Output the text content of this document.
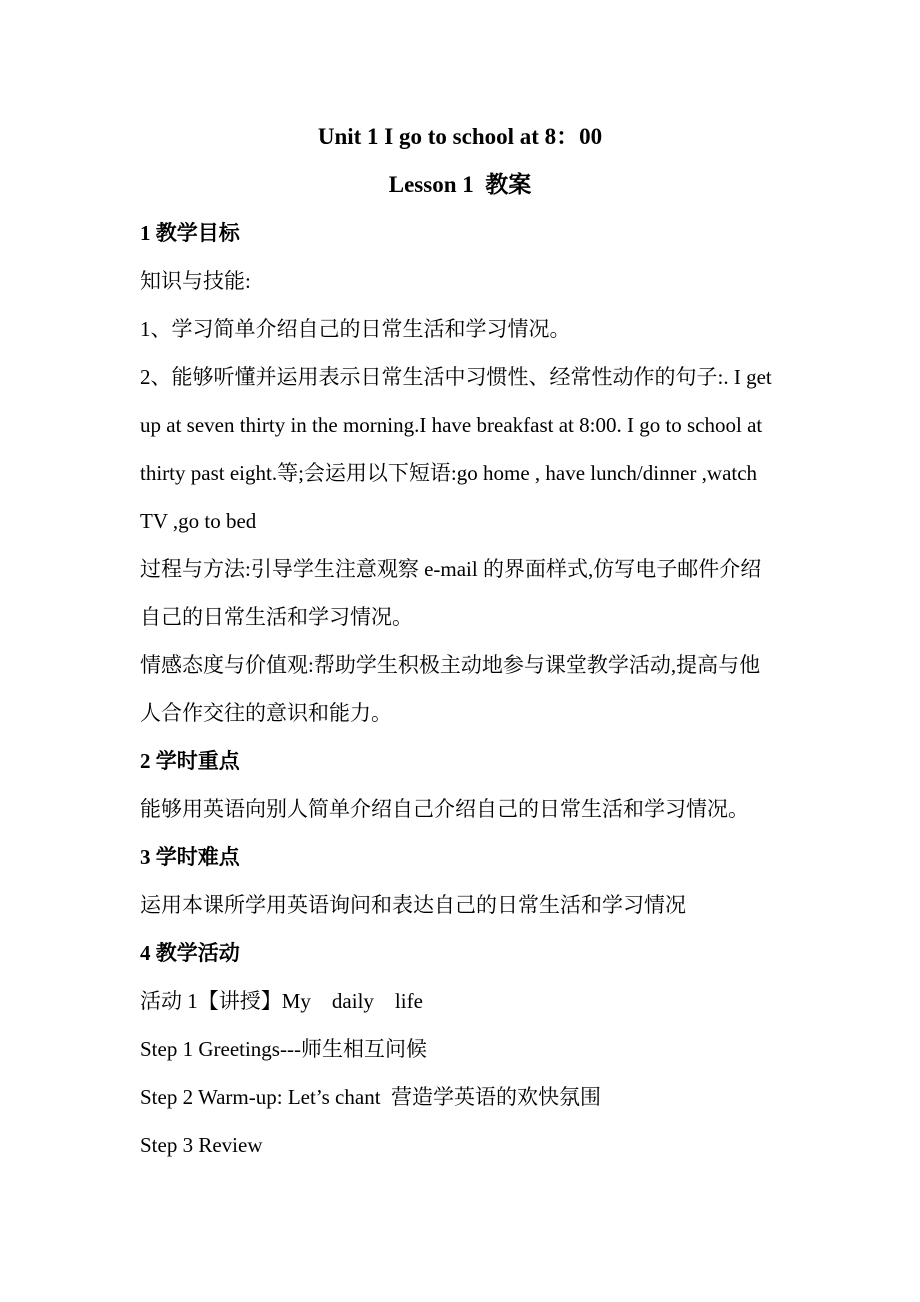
Unit 1 I go to school at 8：00
Lesson 1  教案
1 教学目标
知识与技能:
1、学习简单介绍自己的日常生活和学习情况。
2、能够听懂并运用表示日常生活中习惯性、经常性动作的句子:. I get
up at seven thirty in the morning.I have breakfast at 8:00. I go to school at
thirty past eight.等;会运用以下短语:go home , have lunch/dinner ,watch
TV ,go to bed
过程与方法:引导学生注意观察 e-mail 的界面样式,仿写电子邮件介绍
自己的日常生活和学习情况。
情感态度与价值观:帮助学生积极主动地参与课堂教学活动,提高与他
人合作交往的意识和能力。
2 学时重点
能够用英语向别人简单介绍自己介绍自己的日常生活和学习情况。
3 学时难点
运用本课所学用英语询问和表达自己的日常生活和学习情况
4 教学活动
活动 1【讲授】My    daily    life
Step 1 Greetings---师生相互问候
Step 2 Warm-up: Let’s chant  营造学英语的欢快氛围
Step 3 Review
